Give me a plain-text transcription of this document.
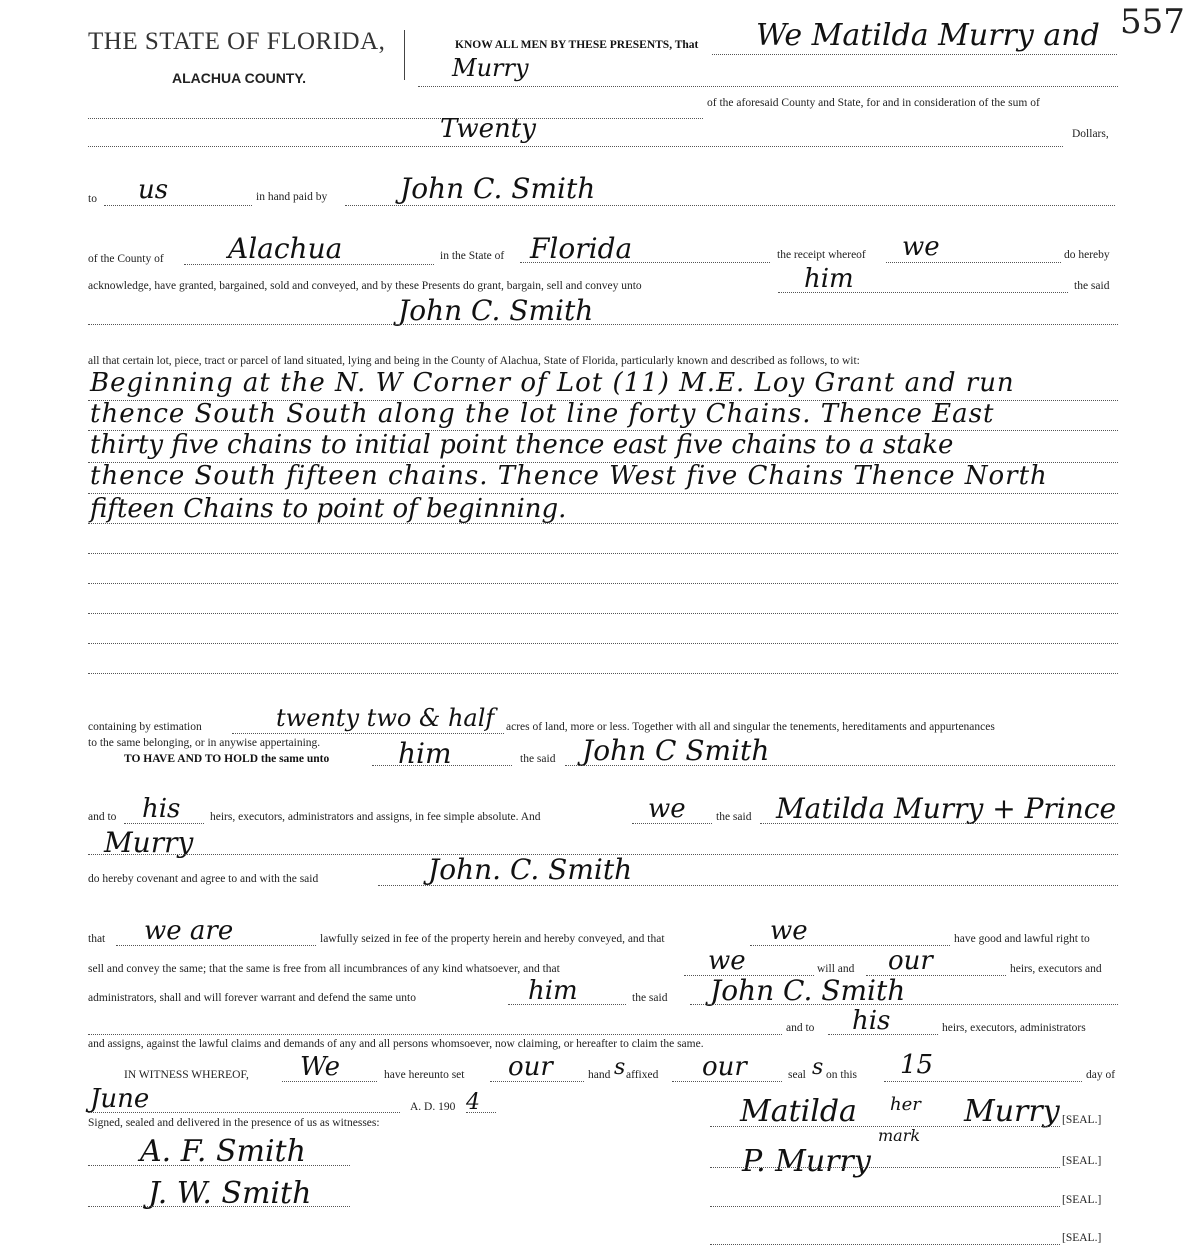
557
THE STATE OF FLORIDA,
ALACHUA COUNTY.
KNOW ALL MEN BY THESE PRESENTS, That We Matilda Murry and
Murry
of the aforesaid County and State, for and in consideration of the sum of
Twenty	Dollars,
to us	in hand paid by	John C. Smith
of the County of Alachua	in the State of Florida	the receipt whereof we	do hereby
acknowledge, have granted, bargained, sold and conveyed, and by these Presents do grant, bargain, sell and convey unto	him	the said
John C. Smith
all that certain lot, piece, tract or parcel of land situated, lying and being in the County of Alachua, State of Florida, particularly known and described as follows, to wit:
Beginning at the N. W Corner of Lot (11) M.E. Loy Grant and run
thence South South along the lot line forty Chains. Thence East
thirty five chains to initial point thence east five chains to a stake
thence South fifteen chains. Thence West five Chains Thence North
fifteen Chains to point of beginning.
containing by estimation	twenty two & half acres of land, more or less. Together with all and singular the tenements, hereditaments and appurtenances
to the same belonging, or in anywise appertaining.
TO HAVE AND TO HOLD the same unto him	the said John C Smith
and to his	heirs, executors, administrators and assigns, in fee simple absolute. And	we	the said Matilda Murry + Prince
Murry
do hereby covenant and agree to and with the said	John. C. Smith
that we are	lawfully seized in fee of the property herein and hereby conveyed, and that	we	have good and lawful right to
sell and convey the same; that the same is free from all incumbrances of any kind whatsoever, and that	we	will and our	heirs, executors and
administrators, shall and will forever warrant and defend the same unto	him	the said John C. Smith
and to his	heirs, executors, administrators
and assigns, against the lawful claims and demands of any and all persons whomsoever, now claiming, or hereafter to claim the same.
IN WITNESS WHEREOF, We	have hereunto set our	hand s affixed our	seal s on this 15	day of
June	A. D. 190 4
Signed, sealed and delivered in the presence of us as witnesses:
A. F. Smith
J. W. Smith
Matilda her
mark
Murry [SEAL.]
P. Murry	[SEAL.]
[SEAL.]
[SEAL.]
